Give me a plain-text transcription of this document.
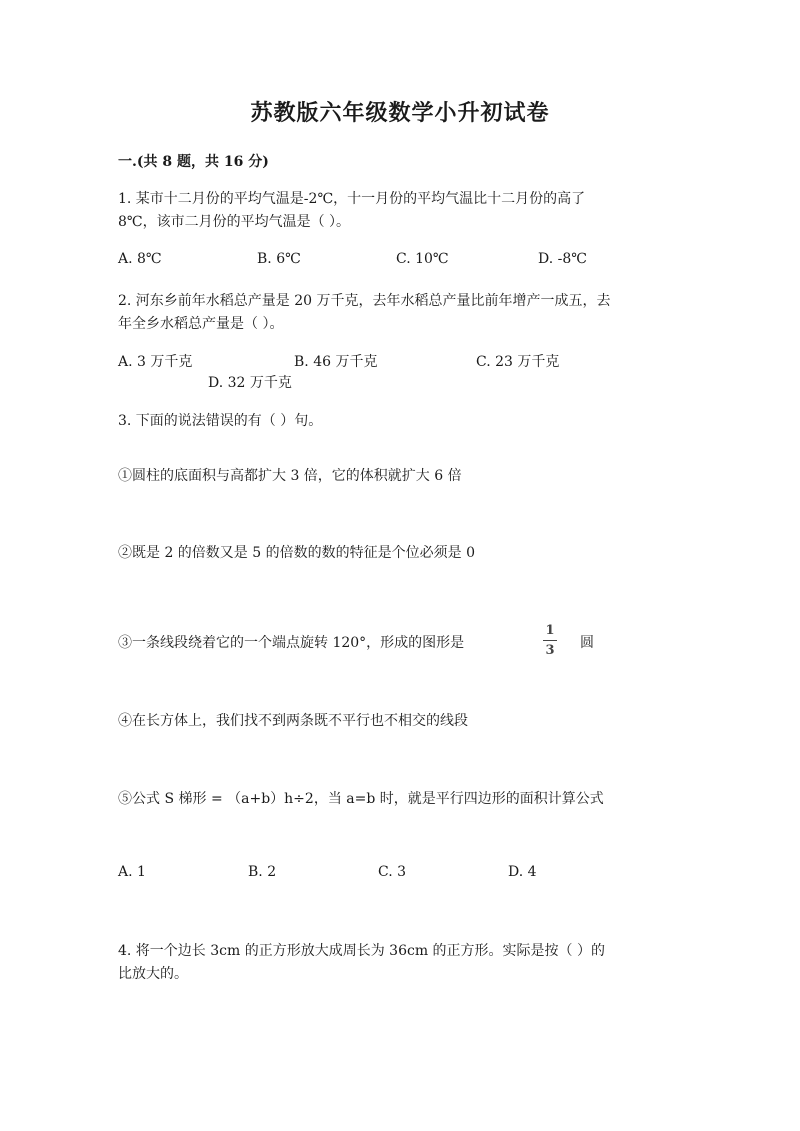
苏教版六年级数学小升初试卷
一.(共 8 题，共 16 分)
1. 某市十二月份的平均气温是-2℃，十一月份的平均气温比十二月份的高了
8℃，该市二月份的平均气温是（ ）。
A. 8℃	B. 6℃	C. 10℃	D. -8℃
2. 河东乡前年水稻总产量是 20 万千克，去年水稻总产量比前年增产一成五，去
年全乡水稻总产量是（ ）。
A. 3 万千克	B. 46 万千克	C. 23 万千克
D. 32 万千克
3. 下面的说法错误的有（ ）句。
①圆柱的底面积与高都扩大 3 倍，它的体积就扩大 6 倍
②既是 2 的倍数又是 5 的倍数的数的特征是个位必须是 0
③一条线段绕着它的一个端点旋转 120°，形成的图形是
1
3	圆
④在长方体上，我们找不到两条既不平行也不相交的线段
⑤公式 S 梯形 = （a+b）h÷2，当 a=b 时，就是平行四边形的面积计算公式
A. 1	B. 2	C. 3	D. 4
4. 将一个边长 3cm 的正方形放大成周长为 36cm 的正方形。实际是按（ ）的
比放大的。
